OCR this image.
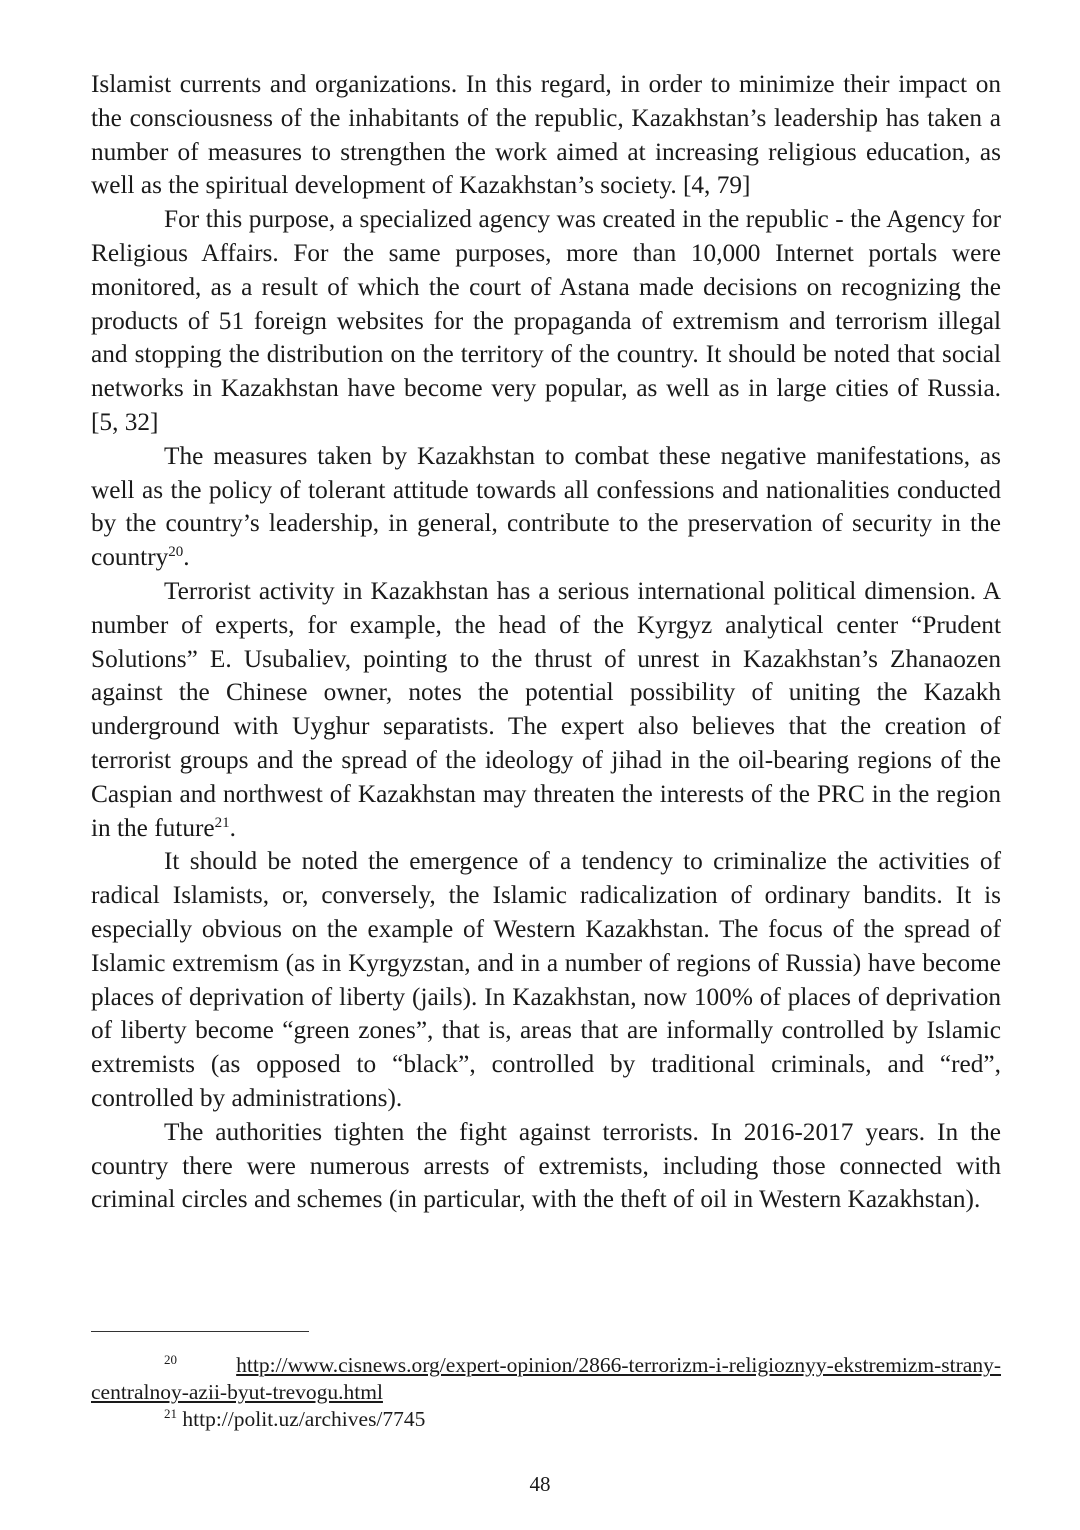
Islamist currents and organizations. In this regard, in order to minimize their impact on the consciousness of the inhabitants of the republic, Kazakhstan’s leadership has taken a number of measures to strengthen the work aimed at increasing religious education, as well as the spiritual development of Kazakhstan’s society. [4, 79]

For this purpose, a specialized agency was created in the republic - the Agency for Religious Affairs. For the same purposes, more than 10,000 Internet portals were monitored, as a result of which the court of Astana made decisions on recognizing the products of 51 foreign websites for the propaganda of extremism and terrorism illegal and stopping the distribution on the territory of the country. It should be noted that social networks in Kazakhstan have become very popular, as well as in large cities of Russia. [5, 32]

The measures taken by Kazakhstan to combat these negative manifestations, as well as the policy of tolerant attitude towards all confessions and nationalities conducted by the country’s leadership, in general, contribute to the preservation of security in the country$^{20}$.

Terrorist activity in Kazakhstan has a serious international political dimension. A number of experts, for example, the head of the Kyrgyz analytical center “Prudent Solutions” E. Usubaliev, pointing to the thrust of unrest in Kazakhstan’s Zhanaozen against the Chinese owner, notes the potential possibility of uniting the Kazakh underground with Uyghur separatists. The expert also believes that the creation of terrorist groups and the spread of the ideology of jihad in the oil-bearing regions of the Caspian and northwest of Kazakhstan may threaten the interests of the PRC in the region in the future$^{21}$.

It should be noted the emergence of a tendency to criminalize the activities of radical Islamists, or, conversely, the Islamic radicalization of ordinary bandits. It is especially obvious on the example of Western Kazakhstan. The focus of the spread of Islamic extremism (as in Kyrgyzstan, and in a number of regions of Russia) have become places of deprivation of liberty (jails). In Kazakhstan, now 100% of places of deprivation of liberty become “green zones”, that is, areas that are informally controlled by Islamic extremists (as opposed to “black”, controlled by traditional criminals, and “red”, controlled by administrations).

The authorities tighten the fight against terrorists. In 2016-2017 years. In the country there were numerous arrests of extremists, including those connected with criminal circles and schemes (in particular, with the theft of oil in Western Kazakhstan).

$^{20}$	http://www.cisnews.org/expert-opinion/2866-terrorizm-i-religioznyy-ekstremizm-strany-centralnoy-azii-byut-trevogu.html

$^{21}$ http://polit.uz/archives/7745

48
